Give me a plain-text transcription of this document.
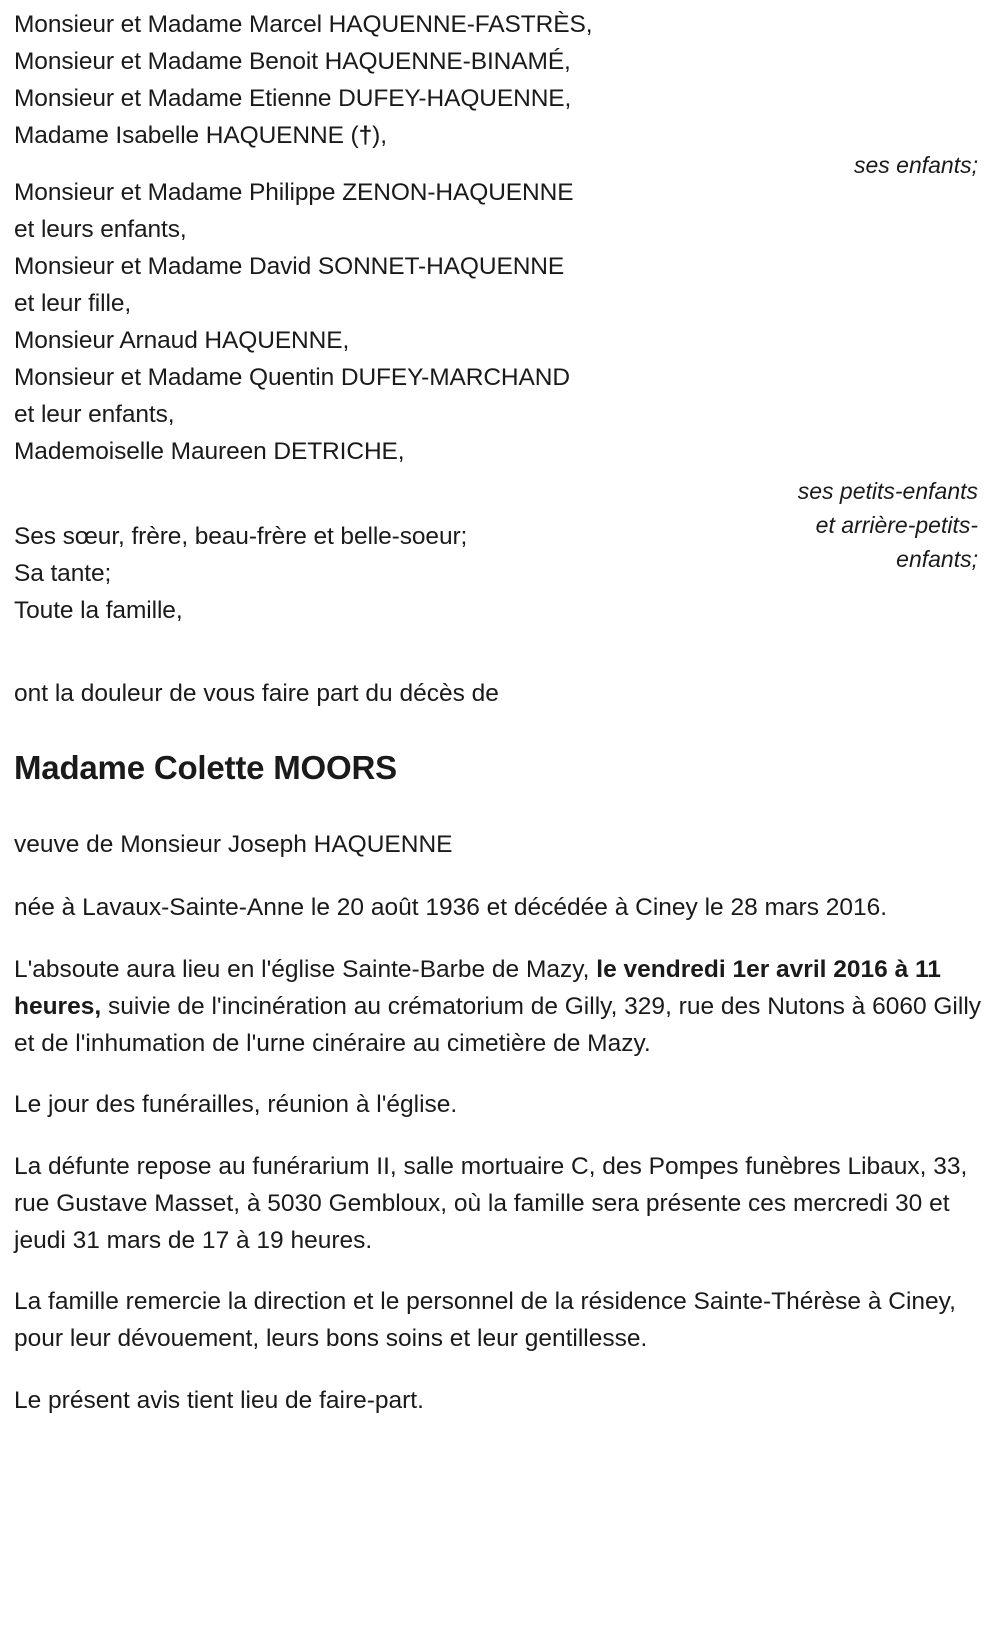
ses enfants;
ses petits-enfants
et arrière-petits-
enfants;
Monsieur et Madame Marcel HAQUENNE-FASTRÈS,
Monsieur et Madame Benoit HAQUENNE-BINAMÉ,
Monsieur et Madame Etienne DUFEY-HAQUENNE,
Madame Isabelle HAQUENNE (†),
Monsieur et Madame Philippe ZENON-HAQUENNE
et leurs enfants,
Monsieur et Madame David SONNET-HAQUENNE
et leur fille,
Monsieur Arnaud HAQUENNE,
Monsieur et Madame Quentin DUFEY-MARCHAND
et leur enfants,
Mademoiselle Maureen DETRICHE,
Ses sœur, frère, beau-frère et belle-soeur;
Sa tante;
Toute la famille,
ont la douleur de vous faire part du décès de
Madame Colette MOORS
veuve de Monsieur Joseph HAQUENNE

née à Lavaux-Sainte-Anne le 20 août 1936 et décédée à Ciney le 28 mars 2016.

L'absoute aura lieu en l'église Sainte-Barbe de Mazy, le vendredi 1er avril 2016 à 11 heures, suivie de l'incinération au crématorium de Gilly, 329, rue des Nutons à 6060 Gilly et de l'inhumation de l'urne cinéraire au cimetière de Mazy.

Le jour des funérailles, réunion à l'église.

La défunte repose au funérarium II, salle mortuaire C, des Pompes funèbres Libaux, 33, rue Gustave Masset, à 5030 Gembloux, où la famille sera présente ces mercredi 30 et jeudi 31 mars de 17 à 19 heures.

La famille remercie la direction et le personnel de la résidence Sainte-Thérèse à Ciney, pour leur dévouement, leurs bons soins et leur gentillesse.

Le présent avis tient lieu de faire-part.
